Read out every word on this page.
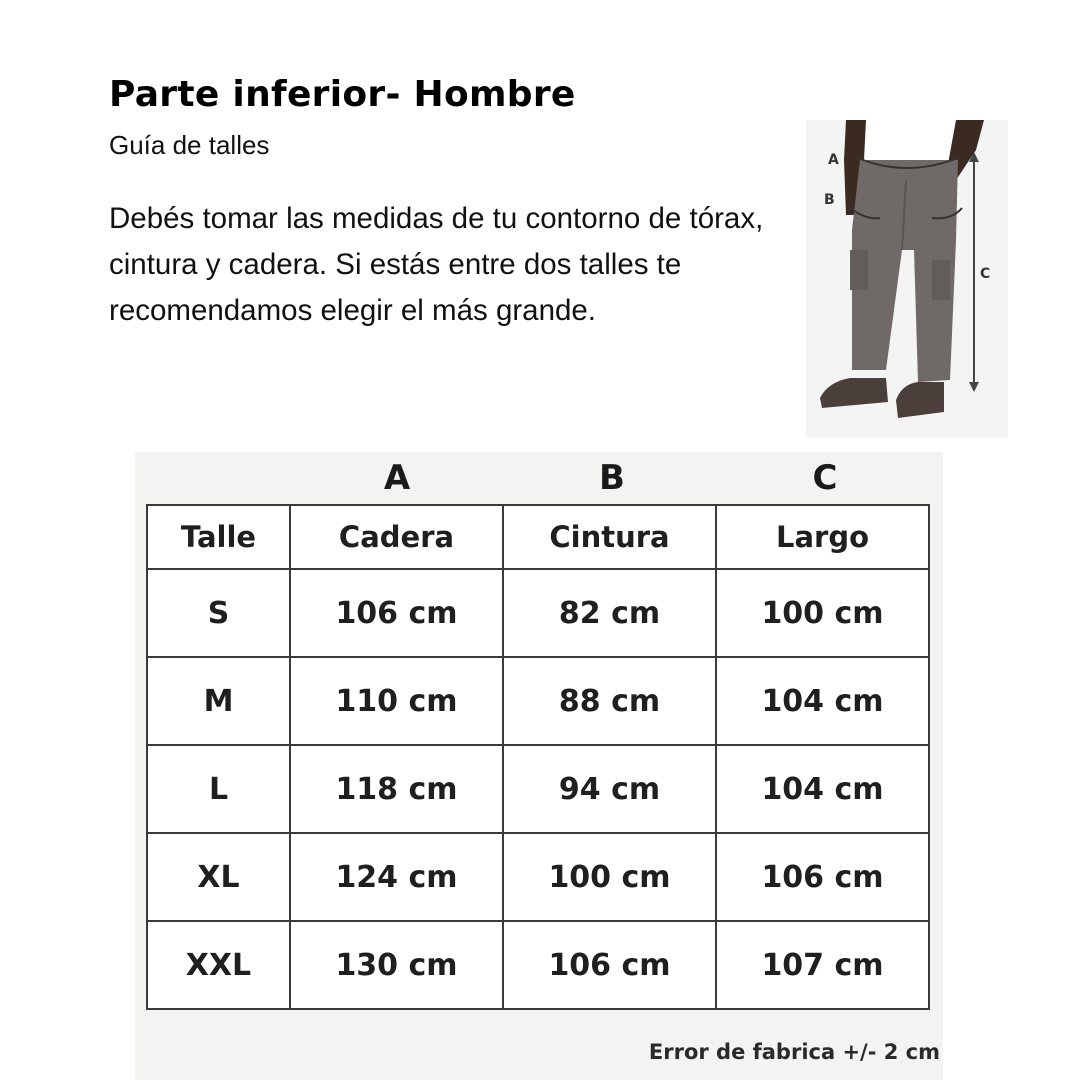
Parte inferior- Hombre
Guía de talles

Debés tomar las medidas de tu contorno de tórax, cintura y cadera. Si estás entre dos talles te recomendamos elegir el más grande.

A
B
C
A	B	C
Talle	Cadera	Cintura	Largo
S	106 cm	82 cm	100 cm
M	110 cm	88 cm	104 cm
L	118 cm	94 cm	104 cm
XL	124 cm	100 cm	106 cm
XXL	130 cm	106 cm	107 cm
Error de fabrica +/- 2 cm
